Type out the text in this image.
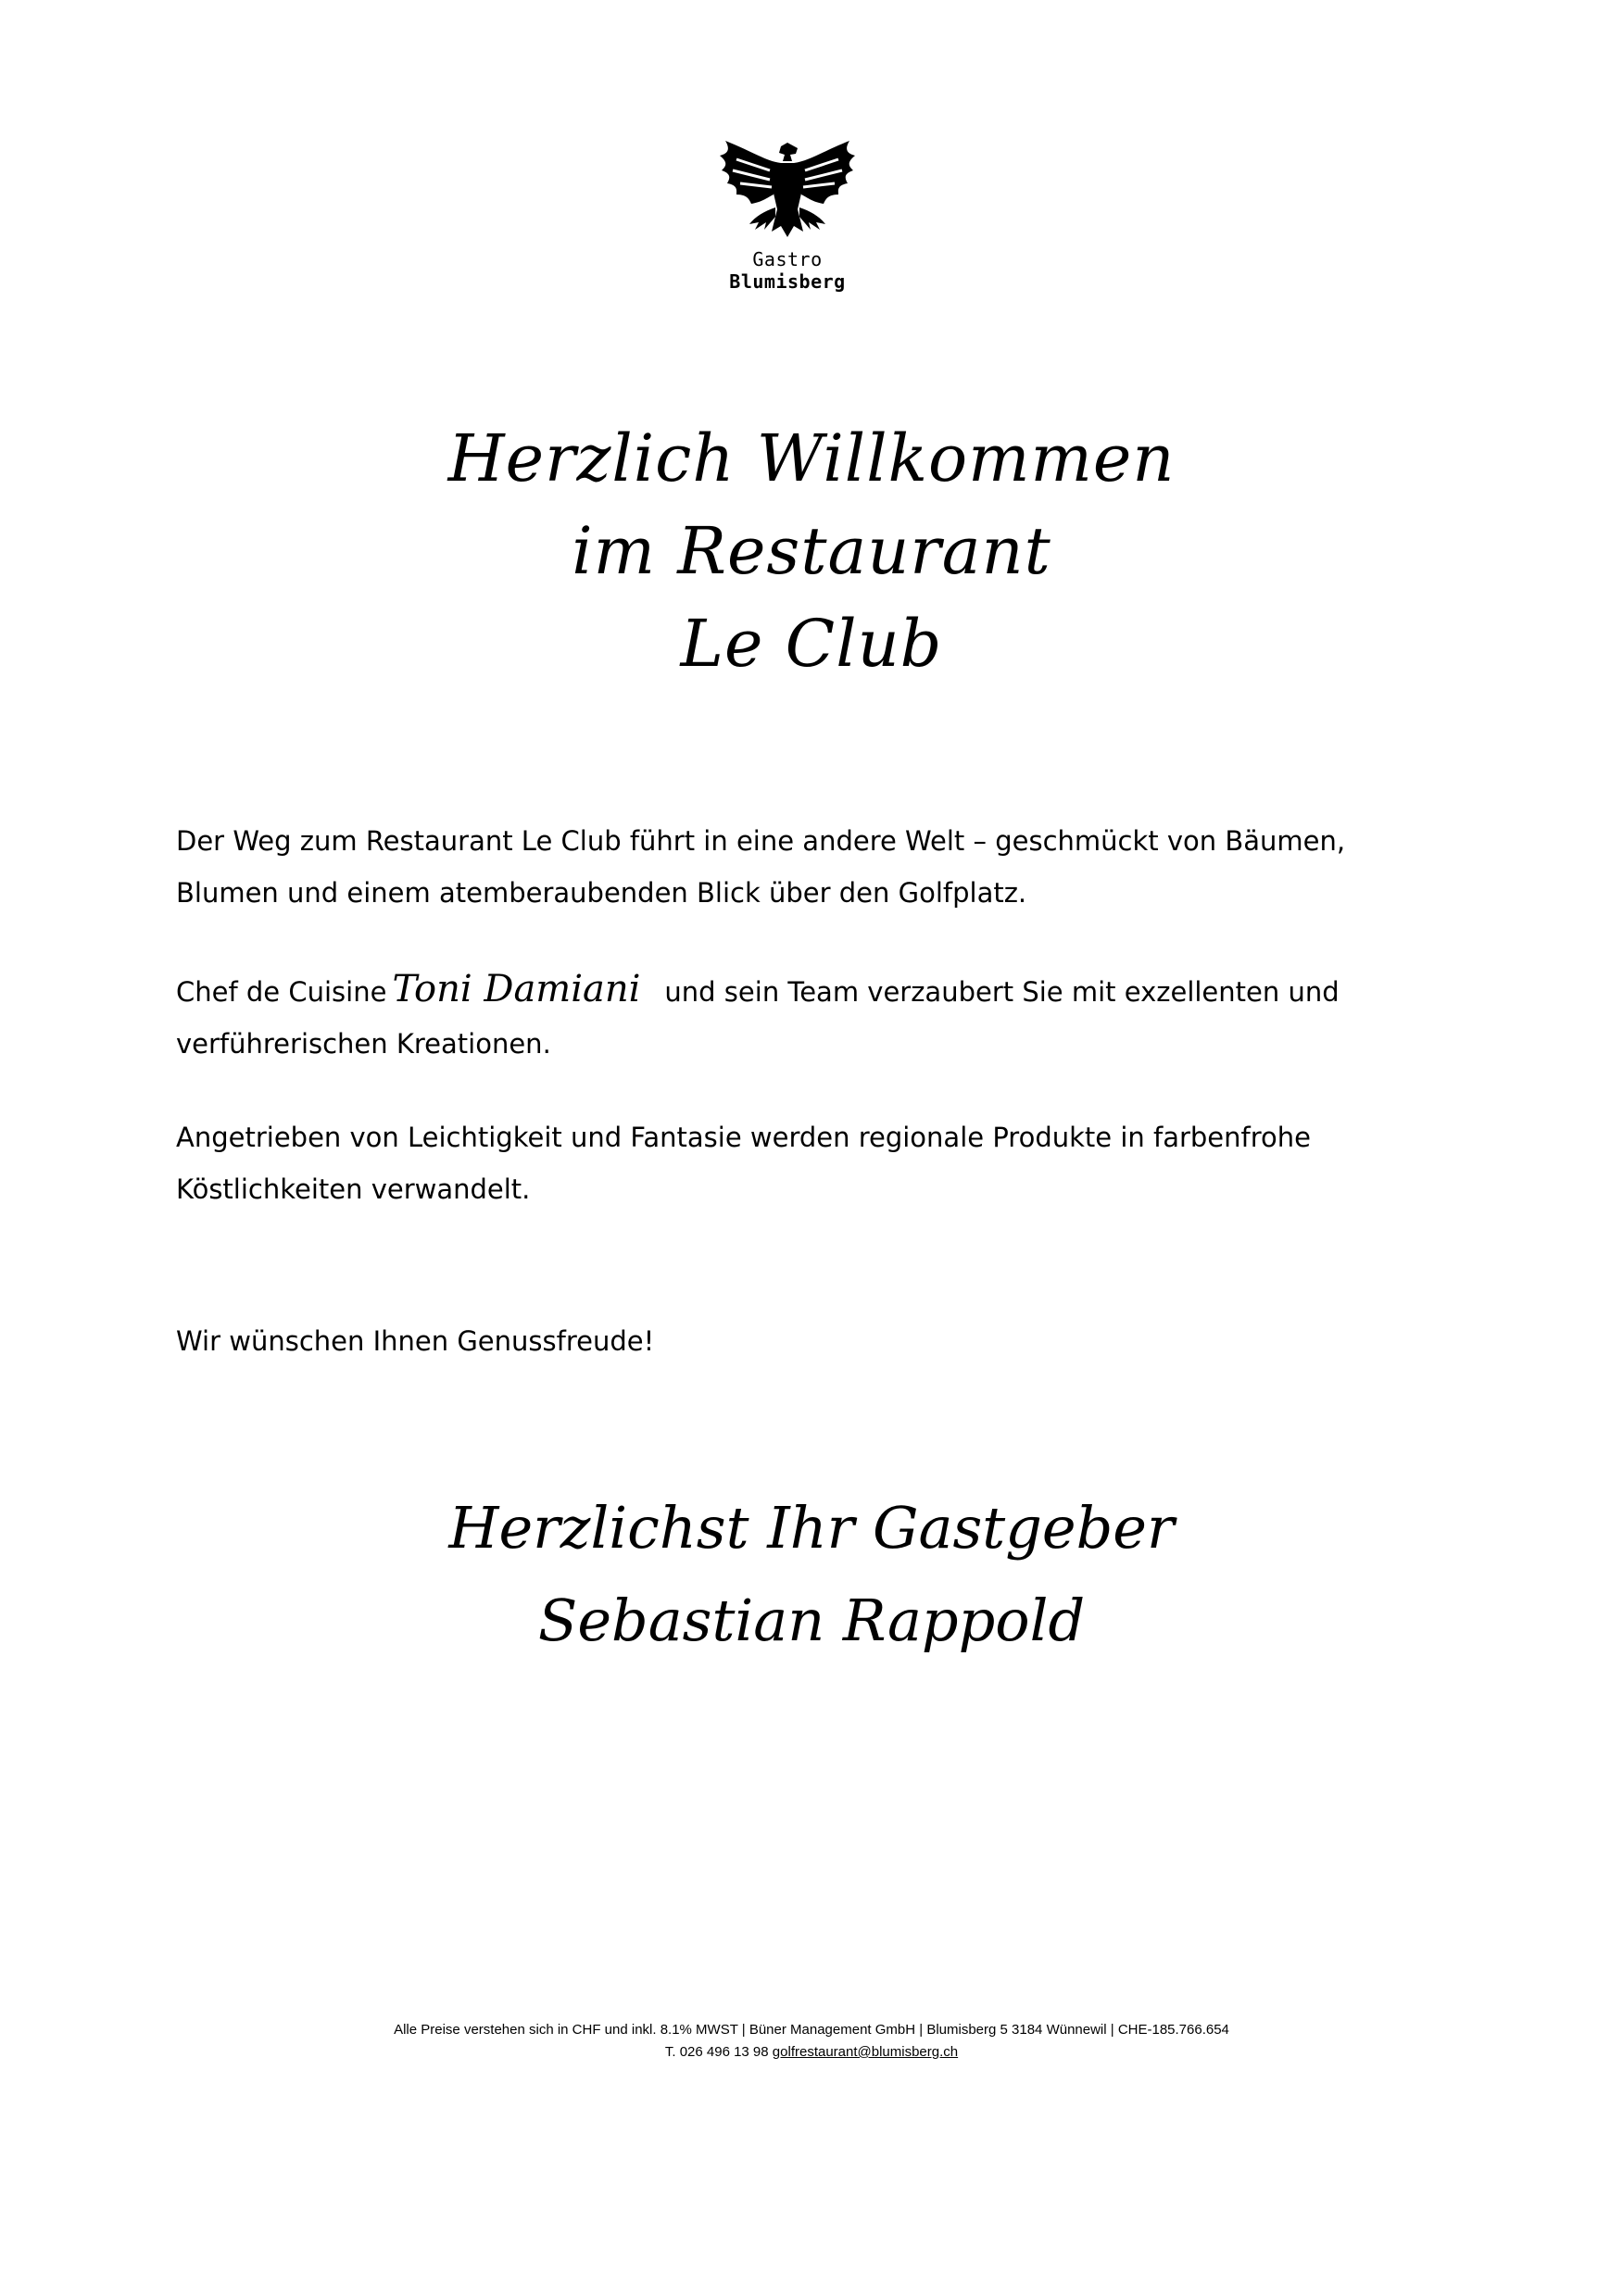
Gastro
Blumisberg
Herzlich Willkommen
im Restaurant
Le Club

Der Weg zum Restaurant Le Club führt in eine andere Welt – geschmückt von Bäumen, Blumen und einem atemberaubenden Blick über den Golfplatz.

Chef de Cuisine Toni Damiani und sein Team verzaubert Sie mit exzellenten und verführerischen Kreationen.

Angetrieben von Leichtigkeit und Fantasie werden regionale Produkte in farbenfrohe Köstlichkeiten verwandelt.

Wir wünschen Ihnen Genussfreude!

Herzlichst Ihr Gastgeber
Sebastian Rappold
Alle Preise verstehen sich in CHF und inkl. 8.1% MWST | Büner Management GmbH | Blumisberg 5 3184 Wünnewil | CHE-185.766.654
T. 026 496 13 98 golfrestaurant@blumisberg.ch
